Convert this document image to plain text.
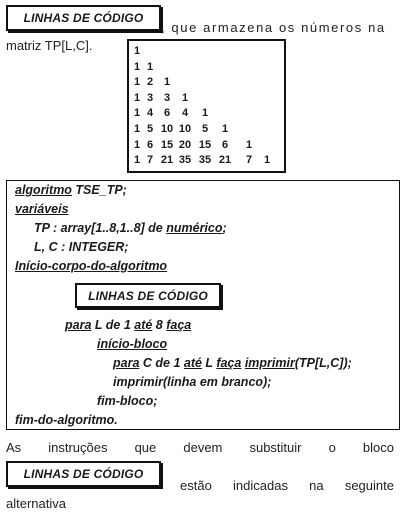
LINHAS DE CÓDIGO
, que armazena os números na
matriz TP[L,C].	1
1 1
1 2 1
1 3 3	1
1 4 6	4	1
1 5 10 10 5	1
1 6 15 20 15 6	1
1 7 21 35 35 21	7	1
algoritmo TSE_TP;
variáveis
TP : array[1..8,1..8] de numérico;
L, C : INTEGER;
Início-corpo-do-algoritmo
LINHAS DE CÓDIGO
para L de 1 até 8 faça
início-bloco
para C de 1 até L faça imprimir(TP[L,C]);
imprimir(linha em branco);
fim-bloco;
fim-do-algoritmo.
As instruções que devem substituir o bloco
LINHAS DE CÓDIGO
estão indicadas na seguinte
alternativa
